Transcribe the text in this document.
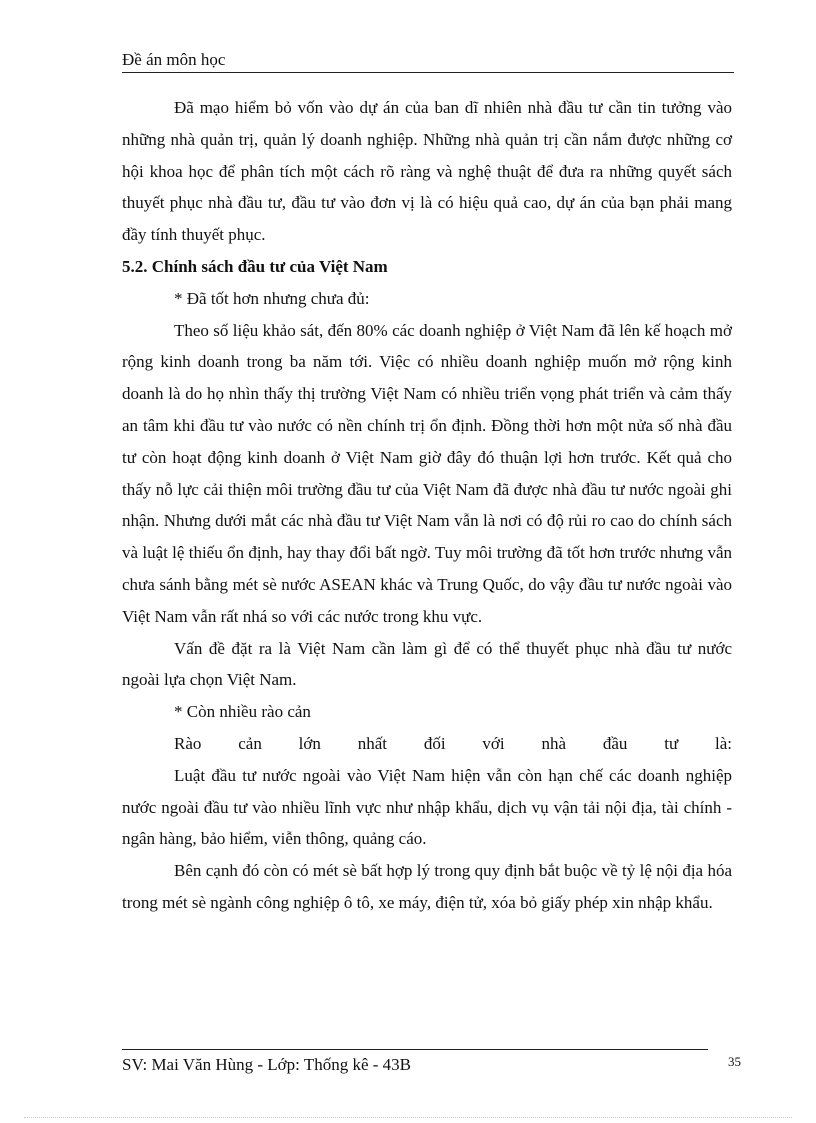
Đề án môn học

Đã mạo hiểm bỏ vốn vào dự án của ban dĩ nhiên nhà đầu tư cần tin tưởng vào những nhà quản trị, quản lý doanh nghiệp. Những nhà quản trị cần nắm được những cơ hội khoa học để phân tích một cách rõ ràng và nghệ thuật để đưa ra những quyết sách thuyết phục nhà đầu tư, đầu tư vào đơn vị là có hiệu quả cao, dự án của bạn phải mang đầy tính thuyết phục.

5.2. Chính sách đầu tư của Việt Nam

* Đã tốt hơn nhưng chưa đủ:

Theo số liệu khảo sát, đến 80% các doanh nghiệp ở Việt Nam đã lên kế hoạch mở rộng kinh doanh trong ba năm tới. Việc có nhiều doanh nghiệp muốn mở rộng kinh doanh là do họ nhìn thấy thị trường Việt Nam có nhiều triển vọng phát triển và cảm thấy an tâm khi đầu tư vào nước có nền chính trị ổn định. Đồng thời hơn một nửa số nhà đầu tư còn hoạt động kinh doanh ở Việt Nam giờ đây đó thuận lợi hơn trước. Kết quả cho thấy nỗ lực cải thiện môi trường đầu tư của Việt Nam đã được nhà đầu tư nước ngoài ghi nhận. Nhưng dưới mắt các nhà đầu tư Việt Nam vẫn là nơi có độ rủi ro cao do chính sách và luật lệ thiếu ổn định, hay thay đổi bất ngờ. Tuy môi trường đã tốt hơn trước nhưng vẫn chưa sánh bằng mét sè nước ASEAN khác và Trung Quốc, do vậy đầu tư nước ngoài vào Việt Nam vẫn rất nhá so với các nước trong khu vực.

Vấn đề đặt ra là Việt Nam cần làm gì để có thể thuyết phục nhà đầu tư nước ngoài lựa chọn Việt Nam.

* Còn nhiều rào cản

Rào cản lớn nhất đối với nhà đầu tư là:

Luật đầu tư nước ngoài vào Việt Nam hiện vẫn còn hạn chế các doanh nghiệp nước ngoài đầu tư vào nhiều lĩnh vực như nhập khẩu, dịch vụ vận tải nội địa, tài chính - ngân hàng, bảo hiểm, viễn thông, quảng cáo.

Bên cạnh đó còn có mét sè bất hợp lý trong quy định bắt buộc về tỷ lệ nội địa hóa trong mét sè ngành công nghiệp ô tô, xe máy, điện tử, xóa bỏ giấy phép xin nhập khẩu.

SV: Mai Văn Hùng - Lớp: Thống kê - 43B	35
